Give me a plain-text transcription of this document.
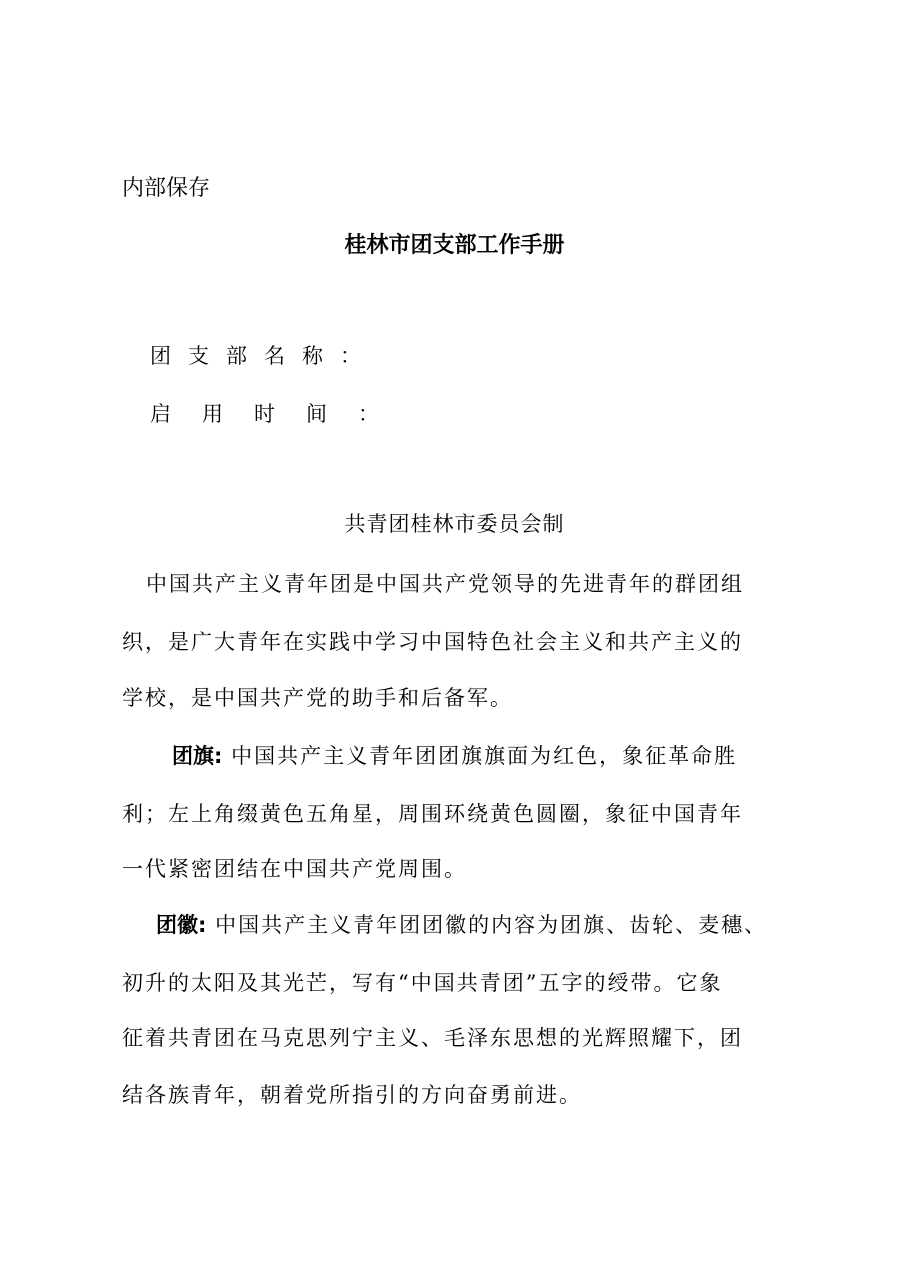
内部保存
桂林市团支部工作手册
团支部名称：
启用时间：
共青团桂林市委员会制
中国共产主义青年团是中国共产党领导的先进青年的群团组
织，是广大青年在实践中学习中国特色社会主义和共产主义的
学校，是中国共产党的助手和后备军。
团旗: 中国共产主义青年团团旗旗面为红色，象征革命胜
利；左上角缀黄色五角星，周围环绕黄色圆圈，象征中国青年
一代紧密团结在中国共产党周围。
团徽: 中国共产主义青年团团徽的内容为团旗、齿轮、麦穗、
初升的太阳及其光芒，写有“中国共青团”五字的绶带。它象
征着共青团在马克思列宁主义、毛泽东思想的光辉照耀下，团
结各族青年，朝着党所指引的方向奋勇前进。
